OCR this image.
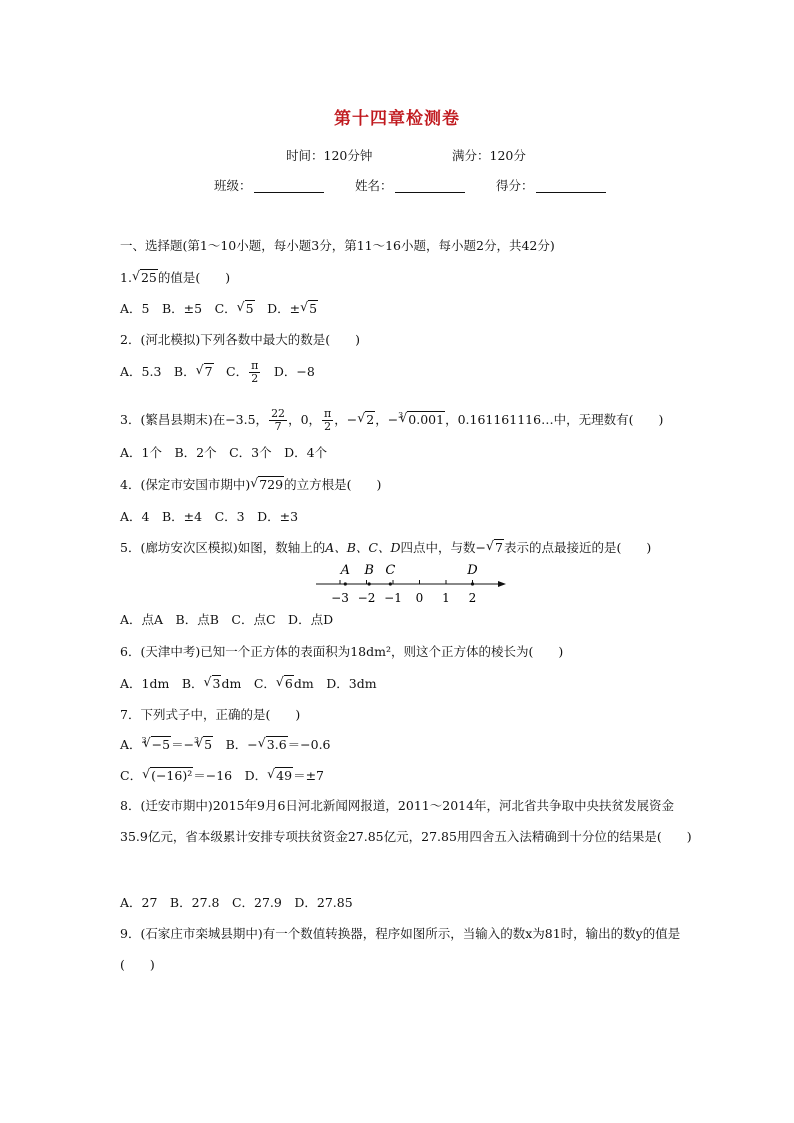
第十四章检测卷
时间：120分钟	满分：120分
班级：	姓名：	得分：
一、选择题(第1～10小题，每小题3分，第11～16小题，每小题2分，共42分)
1. √ 25的值是(　　)
A．5　B．±5　C． √ 5　D．± √ 5
2．(河北模拟)下列各数中最大的数是(　　)
A．5.3　B． √ 7　C． $\frac{\pi}{2}$ 　D．−8
3．(繁昌县期末)在−3.5， $\frac{22}{7}$ ，0， $\frac{\pi}{2}$ ，− √ 2，−$^3$ √ 0.001，0.161161116…中，无理数有(　　)
A．1个　B．2个　C．3个　D．4个
4．(保定市安国市期中) √ 729的立方根是(　　)
A．4　B．±4　C．3　D．±3
5．(廊坊安次区模拟)如图，数轴上的A、B、C、D四点中，与数− √ 7表示的点最接近的是(　　)
−3 −2 −1 0 1 2
A B C	D
A．点A　B．点B　C．点C　D．点D
6．(天津中考)已知一个正方体的表面积为18dm²，则这个正方体的棱长为(　　)
A．1dm　B． √ 3dm　C． √ 6dm　D．3dm
7．下列式子中，正确的是(　　)
A．$^3$ √ −5＝−$^3$ √ 5　B．− √ 3.6＝−0.6
C． √ (−16)²＝−16　D． √ 49＝±7
8．(迁安市期中)2015年9月6日河北新闻网报道，2011～2014年，河北省共争取中央扶贫发展资金35.9亿元，省本级累计安排专项扶贫资金27.85亿元，27.85用四舍五入法精确到十分位的结果是(　　)
A．27　B．27.8　C．27.9　D．27.85
9．(石家庄市栾城县期中)有一个数值转换器，程序如图所示，当输入的数x为81时，输出的数y的值是(　　)
